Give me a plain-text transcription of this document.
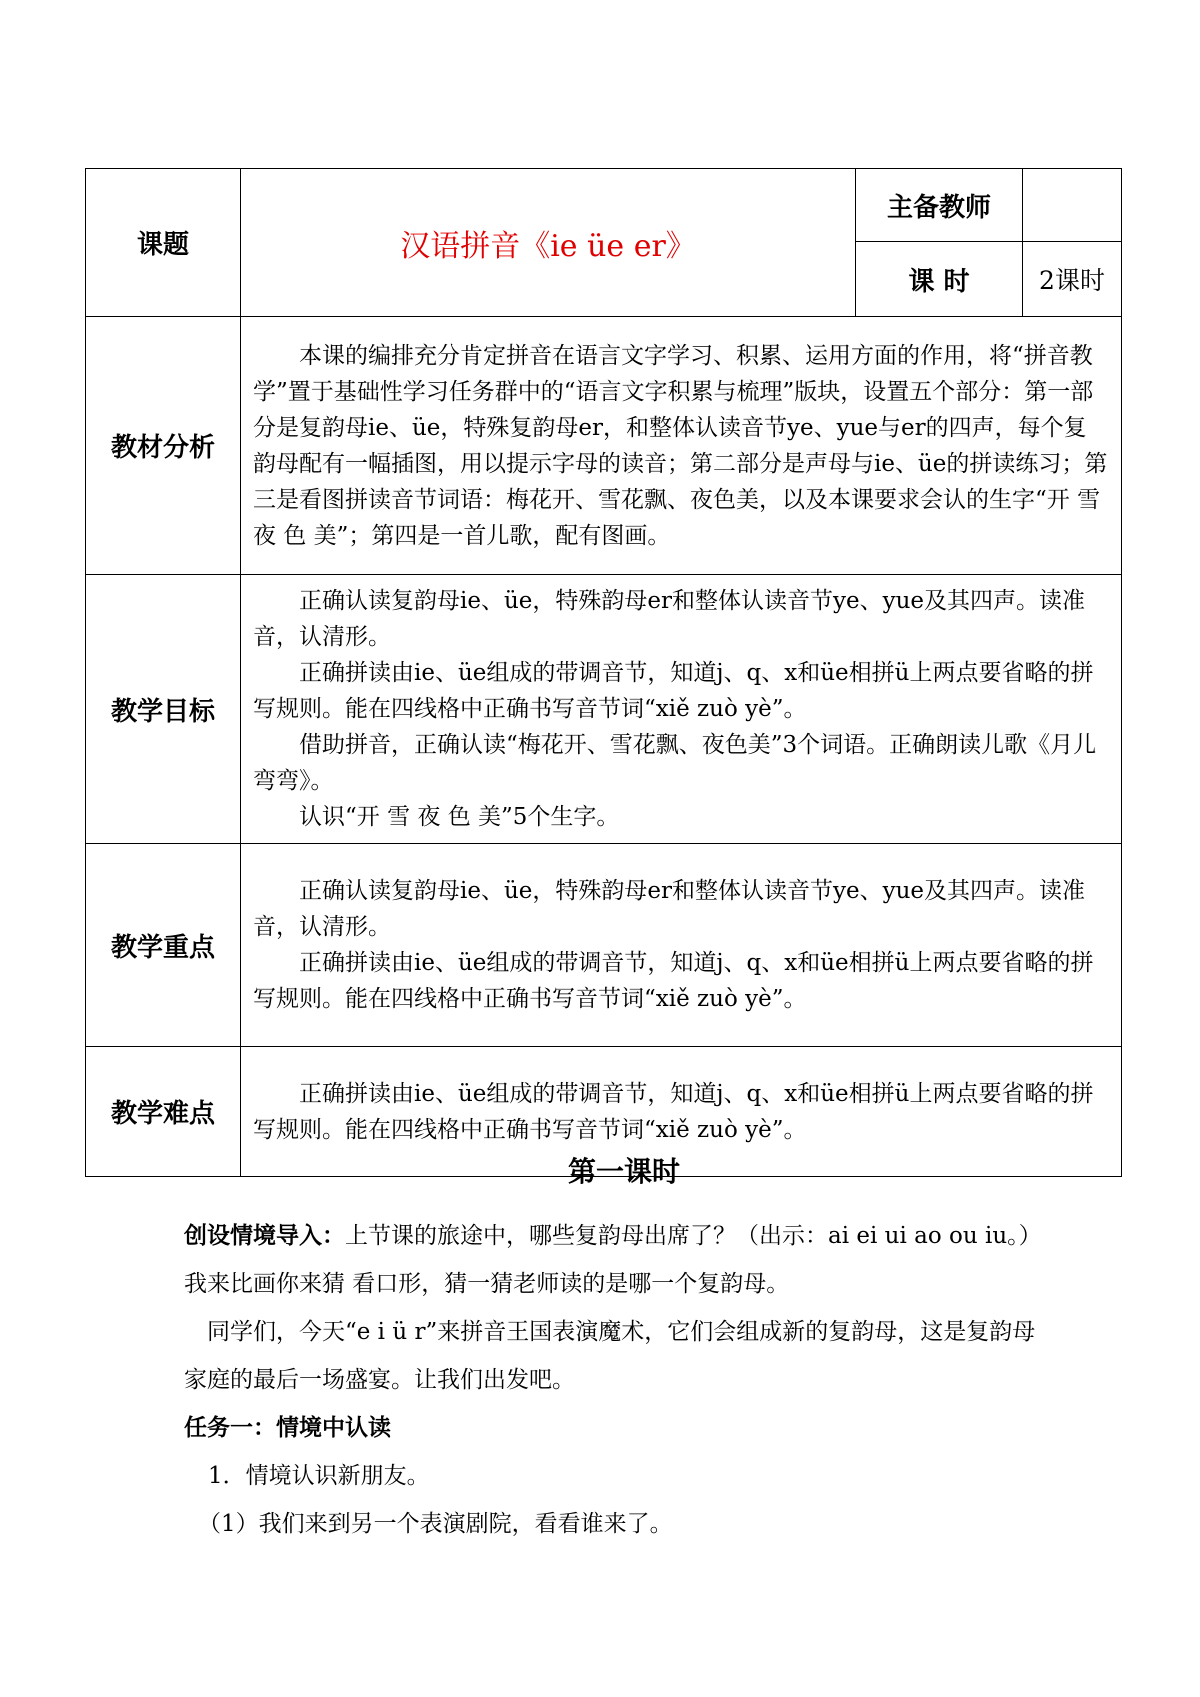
课题	汉语拼音《ie üe er》	主备教师	
		课 时	2课时
教材分析	本课的编排充分肯定拼音在语言文字学习、积累、运用方面的作用，将“拼音教学”置于基础性学习任务群中的“语言文字积累与梳理”版块，设置五个部分：第一部分是复韵母ie、üe，特殊复韵母er，和整体认读音节ye、yue与er的四声，每个复韵母配有一幅插图，用以提示字母的读音；第二部分是声母与ie、üe的拼读练习；第三是看图拼读音节词语：梅花开、雪花飘、夜色美，以及本课要求会认的生字“开 雪 夜 色 美”；第四是一首儿歌，配有图画。		

教学目标	正确认读复韵母ie、üe，特殊韵母er和整体认读音节ye、yue及其四声。读准音，认清形。

正确拼读由ie、üe组成的带调音节，知道j、q、x和üe相拼ü上两点要省略的拼写规则。能在四线格中正确书写音节词“xiě zuò yè”。

借助拼音，正确认读“梅花开、雪花飘、夜色美”3个词语。正确朗读儿歌《月儿弯弯》。

认识“开 雪 夜 色 美”5个生字。		

教学重点	正确认读复韵母ie、üe，特殊韵母er和整体认读音节ye、yue及其四声。读准音，认清形。

正确拼读由ie、üe组成的带调音节，知道j、q、x和üe相拼ü上两点要省略的拼写规则。能在四线格中正确书写音节词“xiě zuò yè”。		

教学难点	正确拼读由ie、üe组成的带调音节，知道j、q、x和üe相拼ü上两点要省略的拼写规则。能在四线格中正确书写音节词“xiě zuò yè”。		

第一课时

创设情境导入：上节课的旅途中，哪些复韵母出席了？（出示：ai ei ui ao ou iu。）我来比画你来猜 看口形，猜一猜老师读的是哪一个复韵母。

同学们，今天“e i ü r”来拼音王国表演魔术，它们会组成新的复韵母，这是复韵母家庭的最后一场盛宴。让我们出发吧。

任务一：情境中认读

1．情境认识新朋友。

（1）我们来到另一个表演剧院，看看谁来了。
